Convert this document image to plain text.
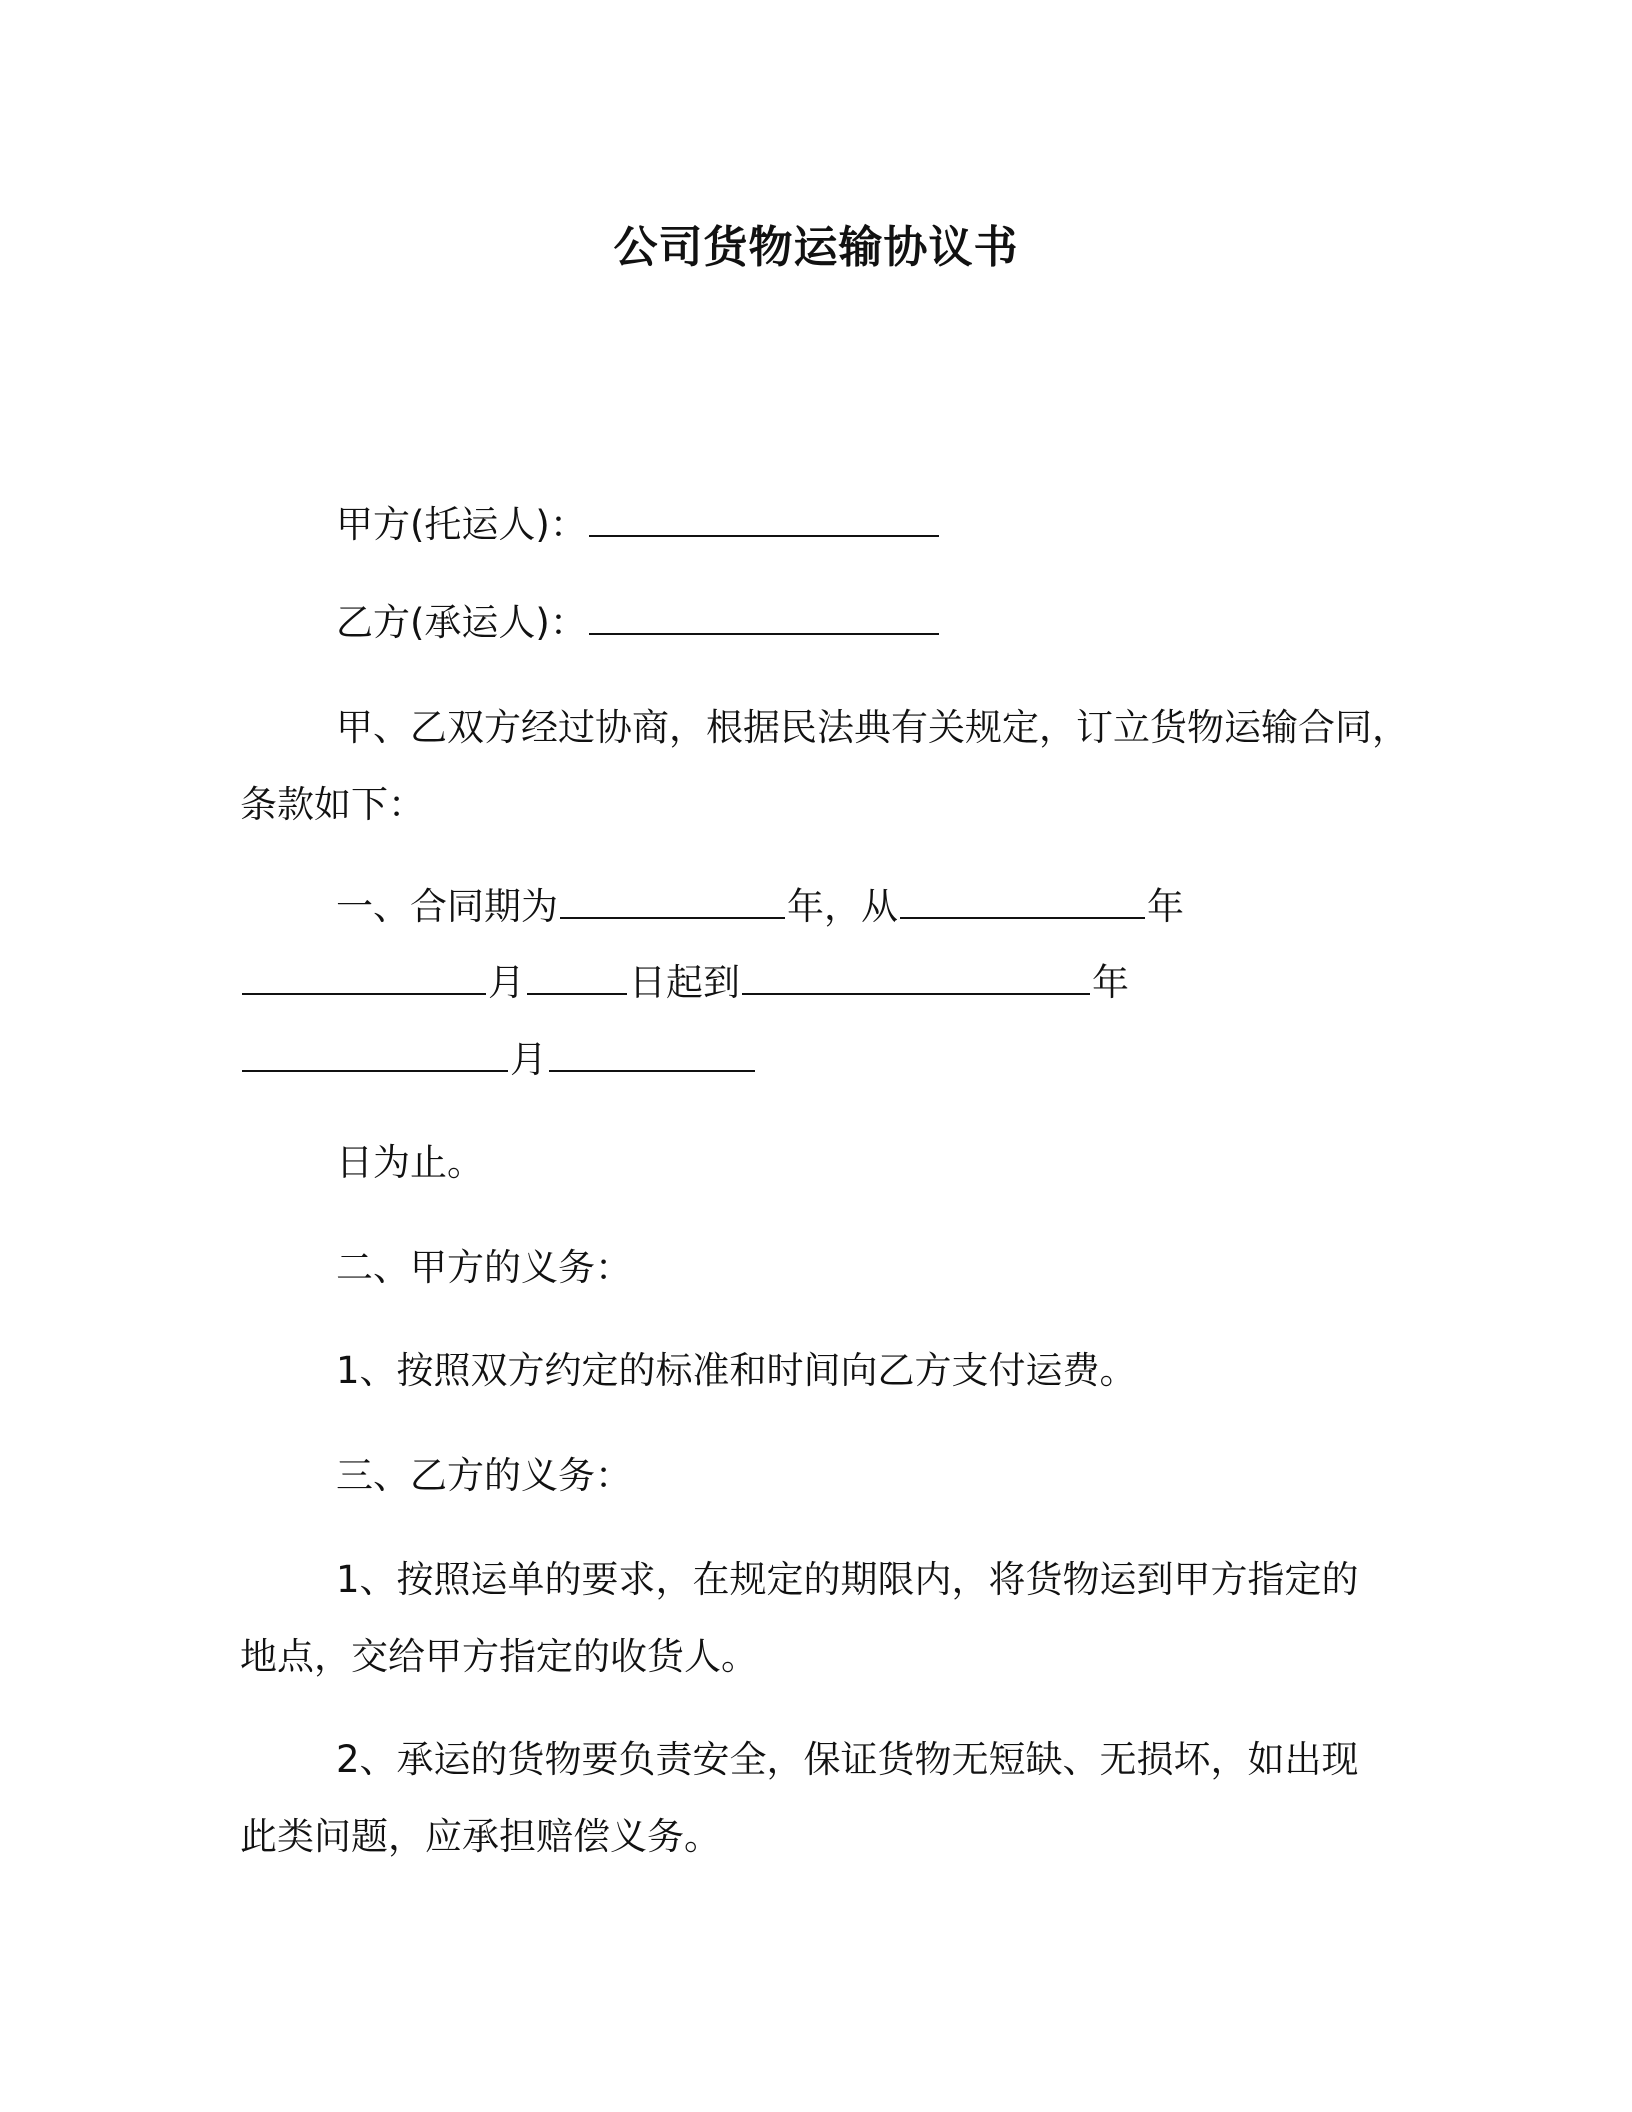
公司货物运输协议书
甲方(托运人)：
乙方(承运人)：
甲、乙双方经过协商，根据民法典有关规定，订立货物运输合同，
条款如下：
一、合同期为	年，从	年
月	日起到	年
月
日为止。
二、甲方的义务：
1、按照双方约定的标准和时间向乙方支付运费。
三、乙方的义务：
1、按照运单的要求，在规定的期限内，将货物运到甲方指定的
地点，交给甲方指定的收货人。
2、承运的货物要负责安全，保证货物无短缺、无损坏，如出现
此类问题，应承担赔偿义务。
